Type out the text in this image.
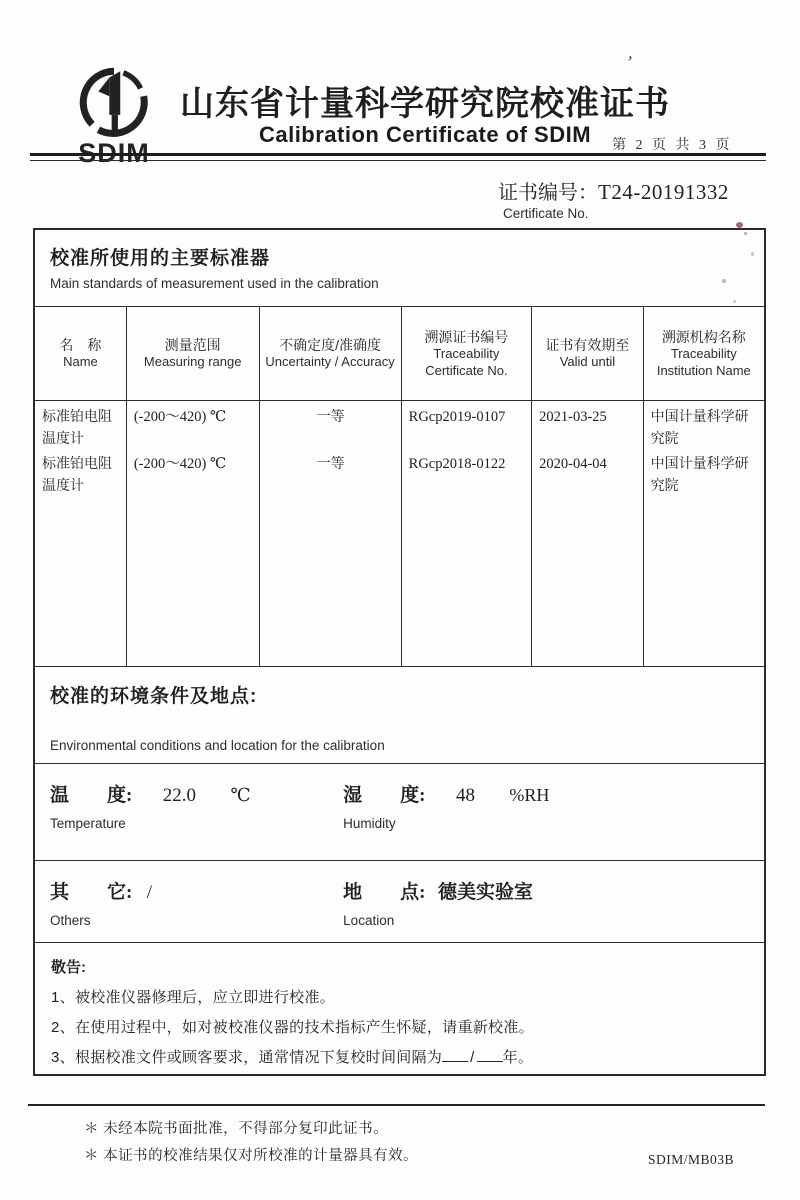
SDIM
山东省计量科学研究院校准证书
Calibration Certificate of SDIM	第 2 页 共 3 页
证书编号：T24-20191332
Certificate No.
校准所使用的主要标准器
Main standards of measurement used in the calibration
名　称
Name
测量范围
Measuring range
不确定度/准确度
Uncertainty / Accuracy
溯源证书编号
Traceability Certificate No.
证书有效期至
Valid until
溯源机构名称
Traceability Institution Name
标准铂电阻温度计
标准铂电阻温度计
(-200～420) ℃
(-200～420) ℃
一等
一等
RGcp2019-0107
RGcp2018-0122
2021-03-25
2020-04-04
中国计量科学研究院
中国计量科学研究院
校准的环境条件及地点:
Environmental conditions and location for the calibration
温　　度: 22.0 ℃
Temperature
湿　　度: 48 %RH
Humidity
其　　它: /
Others
地　　点: 德美实验室
Location
敬告:
1、被校准仪器修理后，应立即进行校准。
2、在使用过程中，如对被校准仪器的技术指标产生怀疑，请重新校准。
3、根据校准文件或顾客要求，通常情况下复校时间间隔为 / 年。
＊ 未经本院书面批准，不得部分复印此证书。
＊ 本证书的校准结果仅对所校准的计量器具有效。	SDIM/MB03B
’
